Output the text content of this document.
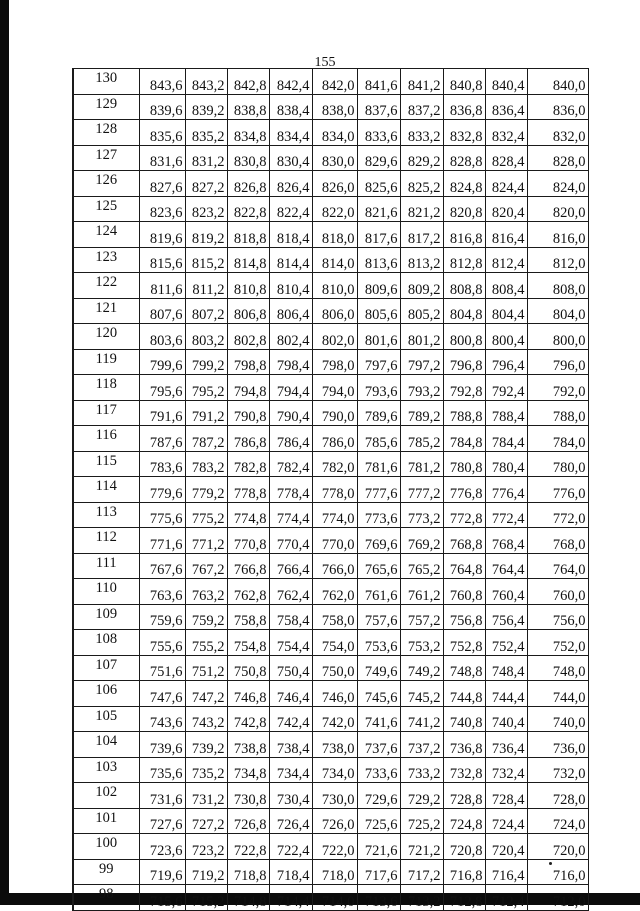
155
130	843,6	843,2	842,8	842,4	842,0	841,6	841,2	840,8	840,4	840,0
129	839,6	839,2	838,8	838,4	838,0	837,6	837,2	836,8	836,4	836,0
128	835,6	835,2	834,8	834,4	834,0	833,6	833,2	832,8	832,4	832,0
127	831,6	831,2	830,8	830,4	830,0	829,6	829,2	828,8	828,4	828,0
126	827,6	827,2	826,8	826,4	826,0	825,6	825,2	824,8	824,4	824,0
125	823,6	823,2	822,8	822,4	822,0	821,6	821,2	820,8	820,4	820,0
124	819,6	819,2	818,8	818,4	818,0	817,6	817,2	816,8	816,4	816,0
123	815,6	815,2	814,8	814,4	814,0	813,6	813,2	812,8	812,4	812,0
122	811,6	811,2	810,8	810,4	810,0	809,6	809,2	808,8	808,4	808,0
121	807,6	807,2	806,8	806,4	806,0	805,6	805,2	804,8	804,4	804,0
120	803,6	803,2	802,8	802,4	802,0	801,6	801,2	800,8	800,4	800,0
119	799,6	799,2	798,8	798,4	798,0	797,6	797,2	796,8	796,4	796,0
118	795,6	795,2	794,8	794,4	794,0	793,6	793,2	792,8	792,4	792,0
117	791,6	791,2	790,8	790,4	790,0	789,6	789,2	788,8	788,4	788,0
116	787,6	787,2	786,8	786,4	786,0	785,6	785,2	784,8	784,4	784,0
115	783,6	783,2	782,8	782,4	782,0	781,6	781,2	780,8	780,4	780,0
114	779,6	779,2	778,8	778,4	778,0	777,6	777,2	776,8	776,4	776,0
113	775,6	775,2	774,8	774,4	774,0	773,6	773,2	772,8	772,4	772,0
112	771,6	771,2	770,8	770,4	770,0	769,6	769,2	768,8	768,4	768,0
111	767,6	767,2	766,8	766,4	766,0	765,6	765,2	764,8	764,4	764,0
110	763,6	763,2	762,8	762,4	762,0	761,6	761,2	760,8	760,4	760,0
109	759,6	759,2	758,8	758,4	758,0	757,6	757,2	756,8	756,4	756,0
108	755,6	755,2	754,8	754,4	754,0	753,6	753,2	752,8	752,4	752,0
107	751,6	751,2	750,8	750,4	750,0	749,6	749,2	748,8	748,4	748,0
106	747,6	747,2	746,8	746,4	746,0	745,6	745,2	744,8	744,4	744,0
105	743,6	743,2	742,8	742,4	742,0	741,6	741,2	740,8	740,4	740,0
104	739,6	739,2	738,8	738,4	738,0	737,6	737,2	736,8	736,4	736,0
103	735,6	735,2	734,8	734,4	734,0	733,6	733,2	732,8	732,4	732,0
102	731,6	731,2	730,8	730,4	730,0	729,6	729,2	728,8	728,4	728,0
101	727,6	727,2	726,8	726,4	726,0	725,6	725,2	724,8	724,4	724,0
100	723,6	723,2	722,8	722,4	722,0	721,6	721,2	720,8	720,4	720,0
99	719,6	719,2	718,8	718,4	718,0	717,6	717,2	716,8	716,4	716,0
98	715,6	715,2	714,8	714,4	714,0	713,6	713,2	712,8	712,4	712,0
